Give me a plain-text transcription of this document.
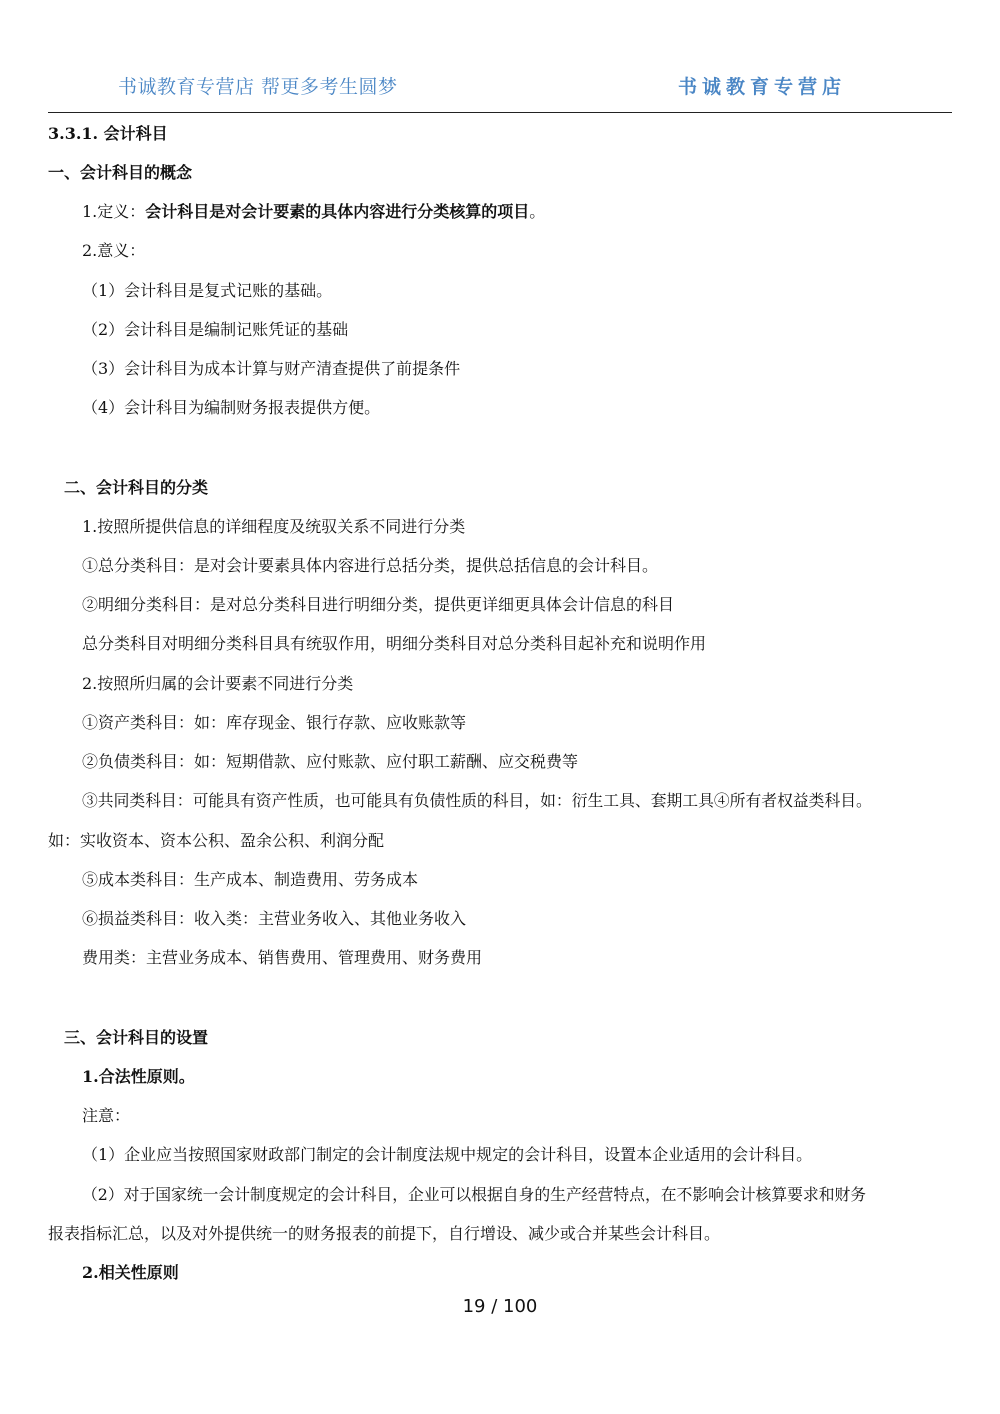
书诚教育专营店 帮更多考生圆梦	书诚教育专营店
3.3.1. 会计科目
一、会计科目的概念
1.定义：会计科目是对会计要素的具体内容进行分类核算的项目。
2.意义：
（1）会计科目是复式记账的基础。
（2）会计科目是编制记账凭证的基础
（3）会计科目为成本计算与财产清查提供了前提条件
（4）会计科目为编制财务报表提供方便。
二、会计科目的分类
1.按照所提供信息的详细程度及统驭关系不同进行分类
①总分类科目：是对会计要素具体内容进行总括分类，提供总括信息的会计科目。
②明细分类科目：是对总分类科目进行明细分类，提供更详细更具体会计信息的科目
总分类科目对明细分类科目具有统驭作用，明细分类科目对总分类科目起补充和说明作用
2.按照所归属的会计要素不同进行分类
①资产类科目：如：库存现金、银行存款、应收账款等
②负债类科目：如：短期借款、应付账款、应付职工薪酬、应交税费等
③共同类科目：可能具有资产性质，也可能具有负债性质的科目，如：衍生工具、套期工具④所有者权益类科目。
如：实收资本、资本公积、盈余公积、利润分配
⑤成本类科目：生产成本、制造费用、劳务成本
⑥损益类科目：收入类：主营业务收入、其他业务收入
费用类：主营业务成本、销售费用、管理费用、财务费用
三、会计科目的设置
1.合法性原则。
注意：
（1）企业应当按照国家财政部门制定的会计制度法规中规定的会计科目，设置本企业适用的会计科目。
（2）对于国家统一会计制度规定的会计科目，企业可以根据自身的生产经营特点，在不影响会计核算要求和财务
报表指标汇总，以及对外提供统一的财务报表的前提下，自行增设、减少或合并某些会计科目。
2.相关性原则
19 / 100
